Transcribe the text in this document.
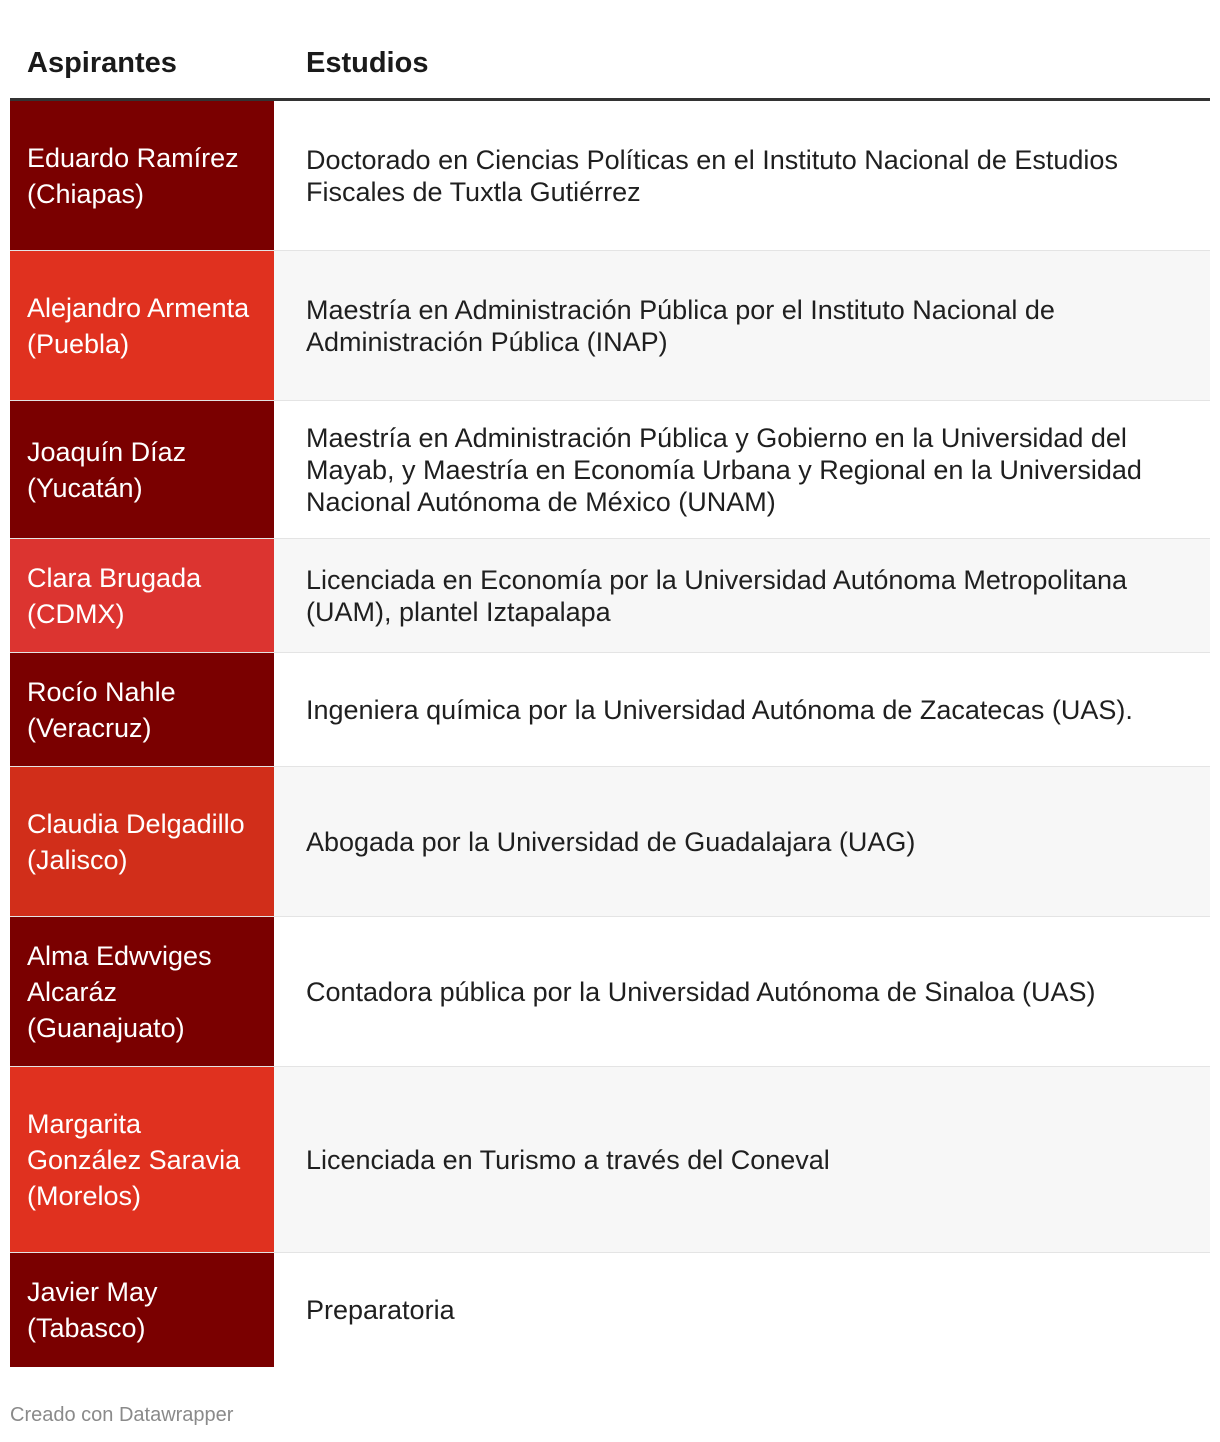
Aspirantes	Estudios
Eduardo Ramírez (Chiapas)
Doctorado en Ciencias Políticas en el Instituto Nacional de Estudios Fiscales de Tuxtla Gutiérrez
Alejandro Armenta (Puebla)
Maestría en Administración Pública por el Instituto Nacional de Administración Pública (INAP)
Joaquín Díaz (Yucatán)
Maestría en Administración Pública y Gobierno en la Universidad del Mayab, y Maestría en Economía Urbana y Regional en la Universidad Nacional Autónoma de México (UNAM)
Clara Brugada (CDMX)
Licenciada en Economía por la Universidad Autónoma Metropolitana (UAM), plantel Iztapalapa
Rocío Nahle (Veracruz)
Ingeniera química por la Universidad Autónoma de Zacatecas (UAS).
Claudia Delgadillo (Jalisco)
Abogada por la Universidad de Guadalajara (UAG)
Alma Edwviges Alcaráz (Guanajuato)
Contadora pública por la Universidad Autónoma de Sinaloa (UAS)
Margarita González Saravia (Morelos)
Licenciada en Turismo a través del Coneval
Javier May (Tabasco)
Preparatoria
Creado con Datawrapper
